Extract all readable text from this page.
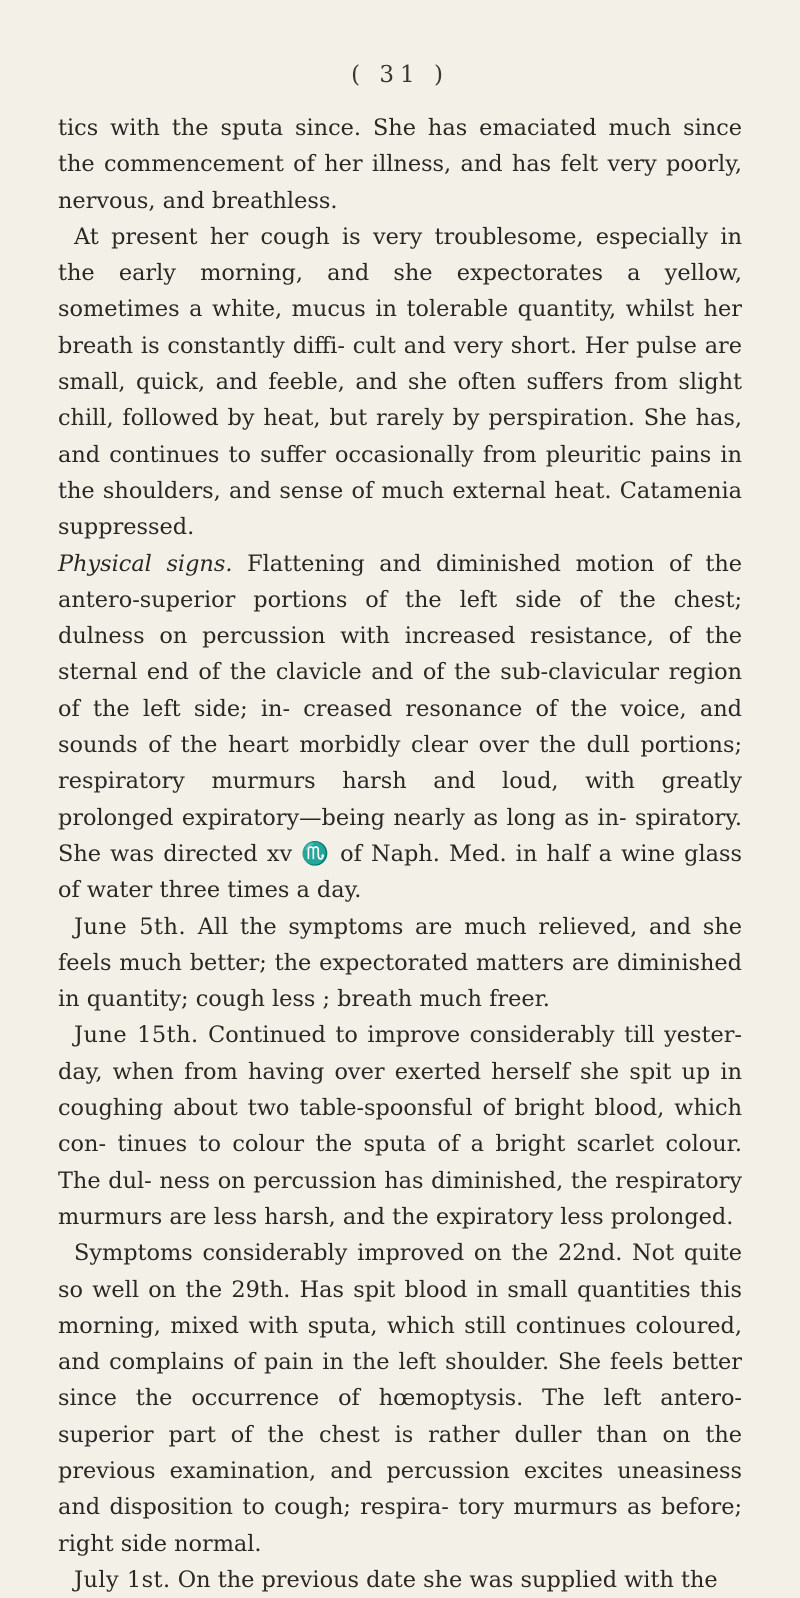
( 31 )

tics with the sputa since. She has emaciated much since the commencement of her illness, and has felt very poorly, nervous, and breathless.

At present her cough is very troublesome, especially in the early morning, and she expectorates a yellow, sometimes a white, mucus in tolerable quantity, whilst her breath is constantly diffi- cult and very short. Her pulse are small, quick, and feeble, and she often suffers from slight chill, followed by heat, but rarely by perspiration. She has, and continues to suffer occasionally from pleuritic pains in the shoulders, and sense of much external heat. Catamenia suppressed.

Physical signs. Flattening and diminished motion of the antero-superior portions of the left side of the chest; dulness on percussion with increased resistance, of the sternal end of the clavicle and of the sub-clavicular region of the left side; in- creased resonance of the voice, and sounds of the heart morbidly clear over the dull portions; respiratory murmurs harsh and loud, with greatly prolonged expiratory—being nearly as long as in- spiratory. She was directed xv ♏ of Naph. Med. in half a wine glass of water three times a day.

June 5th. All the symptoms are much relieved, and she feels much better; the expectorated matters are diminished in quantity; cough less ; breath much freer.

June 15th. Continued to improve considerably till yester- day, when from having over exerted herself she spit up in coughing about two table-spoonsful of bright blood, which con- tinues to colour the sputa of a bright scarlet colour. The dul- ness on percussion has diminished, the respiratory murmurs are less harsh, and the expiratory less prolonged.

Symptoms considerably improved on the 22nd. Not quite so well on the 29th. Has spit blood in small quantities this morning, mixed with sputa, which still continues coloured, and complains of pain in the left shoulder. She feels better since the occurrence of hœmoptysis. The left antero-superior part of the chest is rather duller than on the previous examination, and percussion excites uneasiness and disposition to cough; respira- tory murmurs as before; right side normal.

July 1st. On the previous date she was supplied with the
